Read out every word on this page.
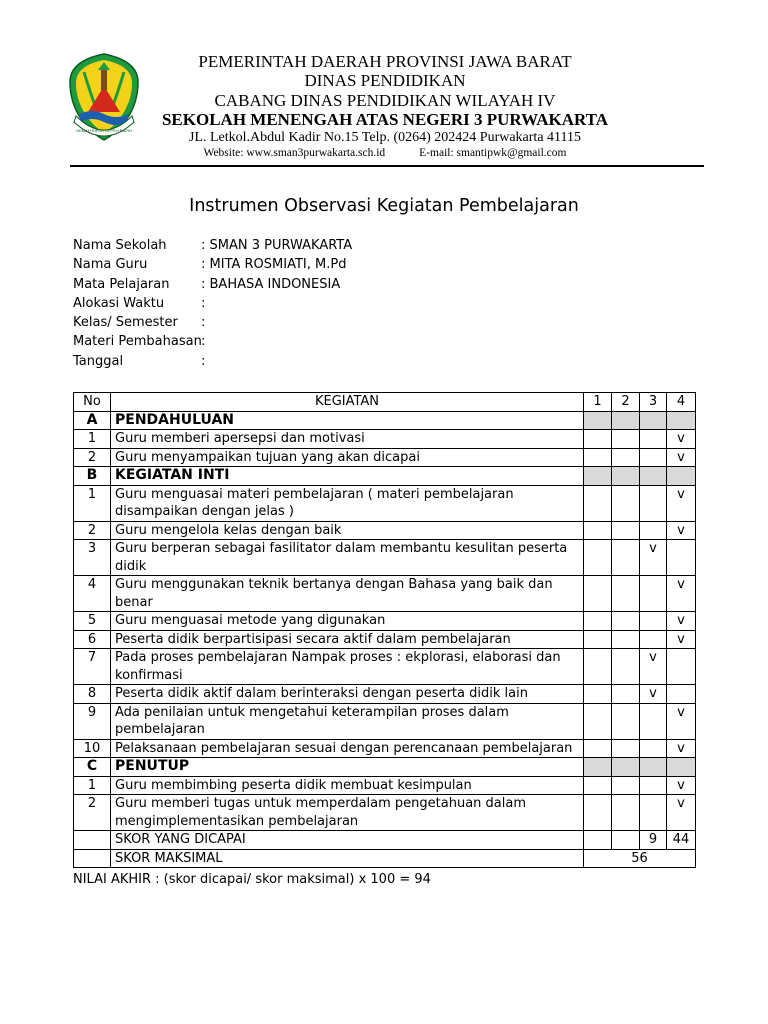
GEMAH RIPAH REPEH RAPIH
PEMERINTAH DAERAH PROVINSI JAWA BARAT
DINAS PENDIDIKAN
CABANG DINAS PENDIDIKAN WILAYAH IV
SEKOLAH MENENGAH ATAS NEGERI 3 PURWAKARTA
JL. Letkol.Abdul Kadir No.15 Telp. (0264) 202424 Purwakarta 41115
Website: www.sman3purwakarta.sch.id	E-mail: smantipwk@gmail.com
Instrumen Observasi Kegiatan Pembelajaran
Nama Sekolah	: SMAN 3 PURWAKARTA
Nama Guru	: MITA ROSMIATI, M.Pd
Mata Pelajaran : BAHASA INDONESIA
Alokasi Waktu	:
Kelas/ Semester :
Materi Pembahasan:
Tanggal	:
No	KEGIATAN	1	2	3	4
A	PENDAHULUAN				
1	Guru memberi apersepsi dan motivasi				v
2	Guru menyampaikan tujuan yang akan dicapai				v
B	KEGIATAN INTI				
1	Guru menguasai materi pembelajaran ( materi pembelajaran disampaikan dengan jelas )				v
2	Guru mengelola kelas dengan baik				v
3	Guru berperan sebagai fasilitator dalam membantu kesulitan peserta didik			v	
4	Guru menggunakan teknik bertanya dengan Bahasa yang baik dan benar				v
5	Guru menguasai metode yang digunakan				v
6	Peserta didik berpartisipasi secara aktif dalam pembelajaran				v
7	Pada proses pembelajaran Nampak proses : ekplorasi, elaborasi dan konfirmasi			v	
8	Peserta didik aktif dalam berinteraksi dengan peserta didik lain			v	
9	Ada penilaian untuk mengetahui keterampilan proses dalam pembelajaran				v
10	Pelaksanaan pembelajaran sesuai dengan perencanaan pembelajaran				v
C	PENUTUP				
1	Guru membimbing peserta didik membuat kesimpulan				v
2	Guru memberi tugas untuk memperdalam pengetahuan dalam mengimplementasikan pembelajaran				v
	SKOR YANG DICAPAI			9	44
	SKOR MAKSIMAL	56			
NILAI AKHIR : (skor dicapai/ skor maksimal) x 100 = 94
